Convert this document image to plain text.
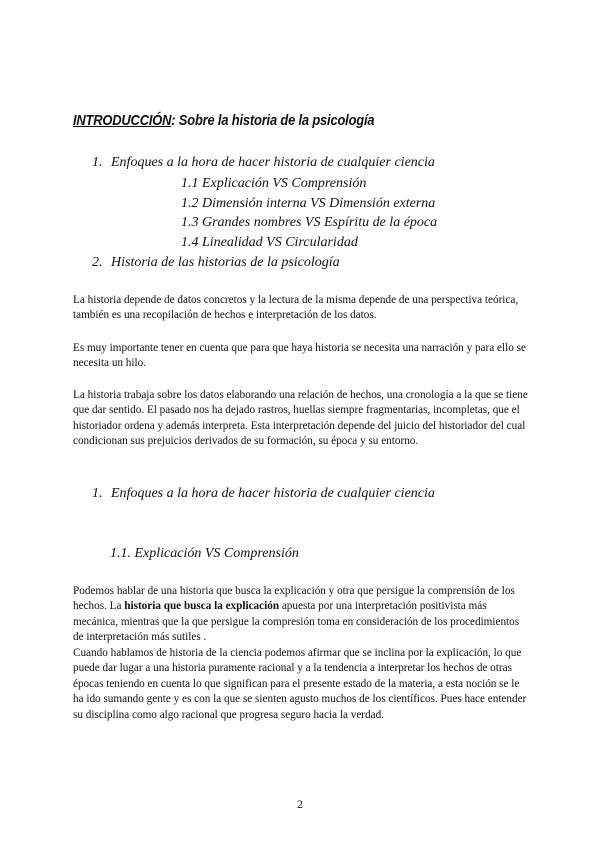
INTRODUCCIÓN: Sobre la historia de la psicología
1. Enfoques a la hora de hacer historia de cualquier ciencia
1.1 Explicación VS Comprensión
1.2 Dimensión interna VS Dimensión externa
1.3 Grandes nombres VS Espíritu de la época
1.4 Linealidad VS Circularidad
2. Historia de las historias de la psicología

La historia depende de datos concretos y la lectura de la misma depende de una perspectiva teórica, también es una recopilación de hechos e interpretación de los datos.

Es muy importante tener en cuenta que para que haya historia se necesita una narración y para ello se necesita un hilo.

La historia trabaja sobre los datos elaborando una relación de hechos, una cronología a la que se tiene que dar sentido. El pasado nos ha dejado rastros, huellas siempre fragmentarias, incompletas, que el historiador ordena y además interpreta. Esta interpretación depende del juicio del historiador del cual condicionan sus prejuicios derivados de su formación, su época y su entorno.

1. Enfoques a la hora de hacer historia de cualquier ciencia
1.1. Explicación VS Comprensión

Podemos hablar de una historia que busca la explicación y otra que persigue la comprensión de los hechos. La historia que busca la explicación apuesta por una interpretación positivista más mecánica, mientras que la que persigue la compresión toma en consideración de los procedimientos de interpretación más sutiles .

Cuando hablamos de historia de la ciencia podemos afirmar que se inclina por la explicación, lo que puede dar lugar a una historia puramente racional y a la tendencia a interpretar los hechos de otras épocas teniendo en cuenta lo que significan para el presente estado de la materia, a esta noción se le ha ido sumando gente y es con la que se sienten agusto muchos de los científicos. Pues hace entender su disciplina como algo racional que progresa seguro hacia la verdad.

2
